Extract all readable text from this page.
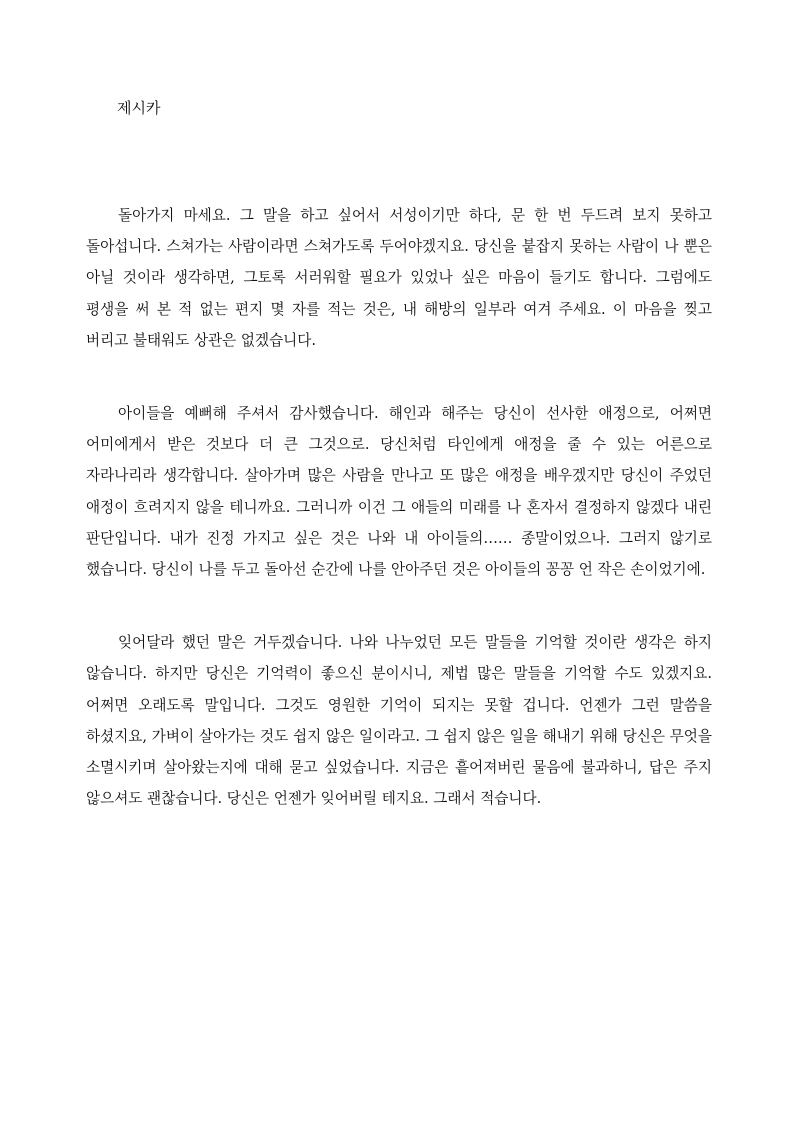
제시카

돌아가지 마세요. 그 말을 하고 싶어서 서성이기만 하다, 문 한 번 두드려 보지 못하고 돌아섭니다. 스쳐가는 사람이라면 스쳐가도록 두어야겠지요. 당신을 붙잡지 못하는 사람이 나 뿐은 아닐 것이라 생각하면, 그토록 서러워할 필요가 있었나 싶은 마음이 들기도 합니다. 그럼에도 평생을 써 본 적 없는 편지 몇 자를 적는 것은, 내 해방의 일부라 여겨 주세요. 이 마음을 찢고 버리고 불태워도 상관은 없겠습니다.

아이들을 예뻐해 주셔서 감사했습니다. 해인과 해주는 당신이 선사한 애정으로, 어쩌면 어미에게서 받은 것보다 더 큰 그것으로. 당신처럼 타인에게 애정을 줄 수 있는 어른으로 자라나리라 생각합니다. 살아가며 많은 사람을 만나고 또 많은 애정을 배우겠지만 당신이 주었던 애정이 흐려지지 않을 테니까요. 그러니까 이건 그 애들의 미래를 나 혼자서 결정하지 않겠다 내린 판단입니다. 내가 진정 가지고 싶은 것은 나와 내 아이들의…… 종말이었으나. 그러지 않기로 했습니다. 당신이 나를 두고 돌아선 순간에 나를 안아주던 것은 아이들의 꽁꽁 언 작은 손이었기에.

잊어달라 했던 말은 거두겠습니다. 나와 나누었던 모든 말들을 기억할 것이란 생각은 하지 않습니다. 하지만 당신은 기억력이 좋으신 분이시니, 제법 많은 말들을 기억할 수도 있겠지요. 어쩌면 오래도록 말입니다. 그것도 영원한 기억이 되지는 못할 겁니다. 언젠가 그런 말씀을 하셨지요, 가벼이 살아가는 것도 쉽지 않은 일이라고. 그 쉽지 않은 일을 해내기 위해 당신은 무엇을 소멸시키며 살아왔는지에 대해 묻고 싶었습니다. 지금은 흩어져버린 물음에 불과하니, 답은 주지 않으셔도 괜찮습니다. 당신은 언젠가 잊어버릴 테지요. 그래서 적습니다.
